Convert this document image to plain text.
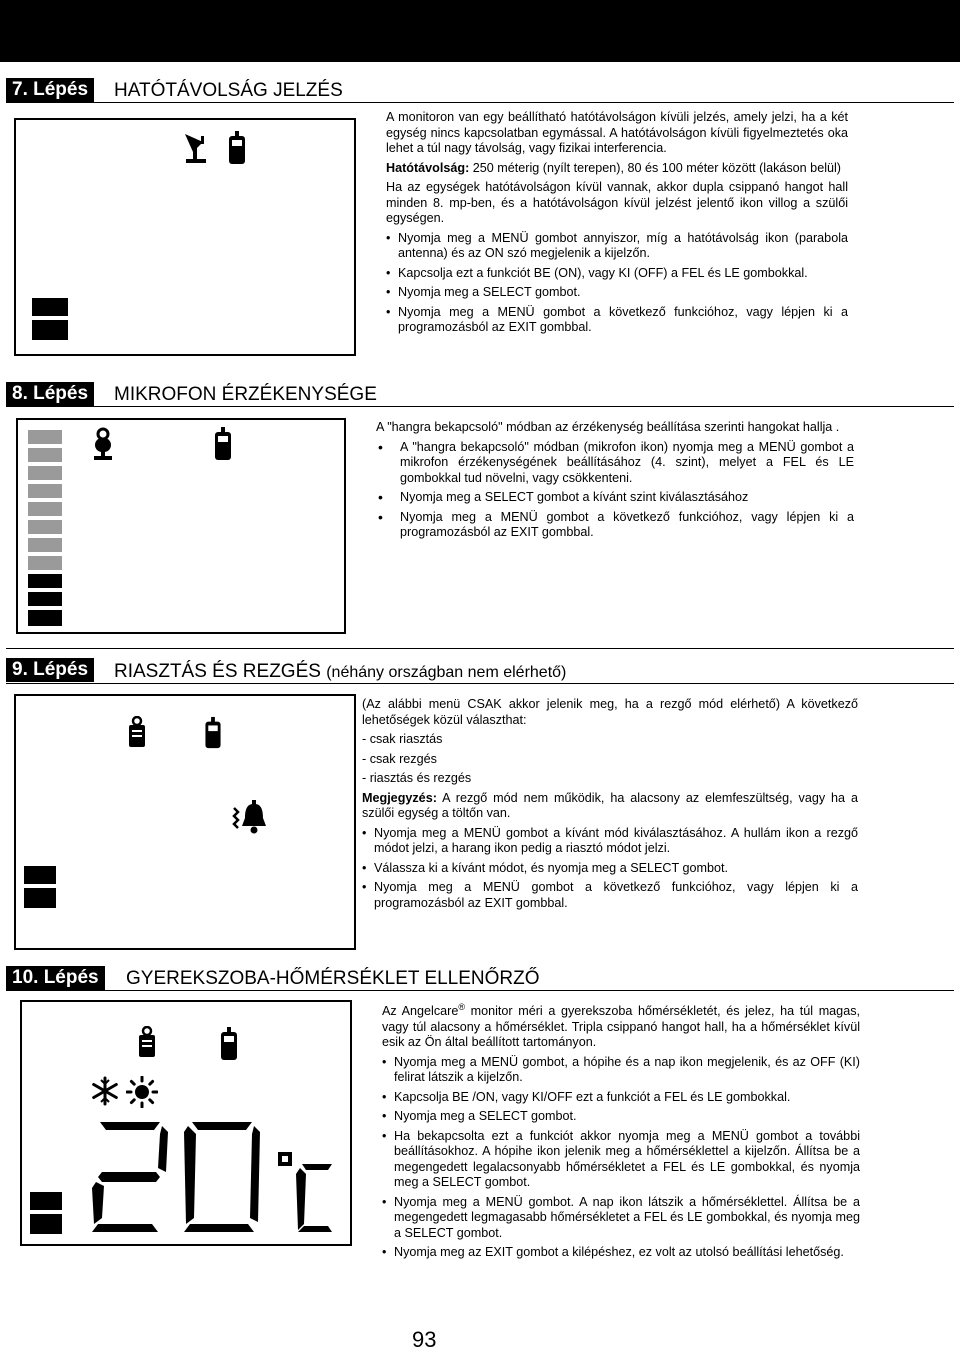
7. Lépés	HATÓTÁVOLSÁG JELZÉS

A monitoron van egy beállítható hatótávolságon kívüli jelzés, amely jelzi, ha a két egység nincs kapcsolatban egymással. A hatótávolságon kívüli figyelmeztetés oka lehet a túl nagy távolság, vagy fizikai interferencia.

Hatótávolság: 250 méterig (nyílt terepen), 80 és 100 méter között (lakáson belül)

Ha az egységek hatótávolságon kívül vannak, akkor dupla csippanó hangot hall minden 8. mp-ben, és a hatótávolságon kívül jelzést jelentő ikon villog a szülői egységen.

• Nyomja meg a MENÜ gombot annyiszor, míg a hatótávolság ikon (parabola antenna) és az ON szó megjelenik a kijelzőn.
• Kapcsolja ezt a funkciót BE (ON), vagy KI (OFF) a FEL és LE gombokkal.
• Nyomja meg a SELECT gombot.
• Nyomja meg a MENÜ gombot a következő funkcióhoz, vagy lépjen ki a programozásból az EXIT gombbal.
8. Lépés	MIKROFON ÉRZÉKENYSÉGE

A "hangra bekapcsoló" módban az érzékenység beállítása szerinti hangokat hallja .

• A "hangra bekapcsoló" módban (mikrofon ikon) nyomja meg a MENÜ gombot a mikrofon érzékenységének beállításához (4. szint), melyet a FEL és LE gombokkal tud növelni, vagy csökkenteni.
• Nyomja meg a SELECT gombot a kívánt szint kiválasztásához
• Nyomja meg a MENÜ gombot a következő funkcióhoz, vagy lépjen ki a programozásból az EXIT gombbal.
9. Lépés	RIASZTÁS ÉS REZGÉS (néhány országban nem elérhető)

(Az alábbi menü CSAK akkor jelenik meg, ha a rezgő mód elérhető) A következő lehetőségek közül választhat:

- csak riasztás

- csak rezgés

- riasztás és rezgés

Megjegyzés: A rezgő mód nem működik, ha alacsony az elemfeszültség, vagy ha a szülői egység a töltőn van.

• Nyomja meg a MENÜ gombot a kívánt mód kiválasztásához. A hullám ikon a rezgő módot jelzi, a harang ikon pedig a riasztó módot jelzi.
• Válassza ki a kívánt módot, és nyomja meg a SELECT gombot.
• Nyomja meg a MENÜ gombot a következő funkcióhoz, vagy lépjen ki a programozásból az EXIT gombbal.
10. Lépés	GYEREKSZOBA-HŐMÉRSÉKLET ELLENŐRZŐ

Az Angelcare® monitor méri a gyerekszoba hőmérsékletét, és jelez, ha túl magas, vagy túl alacsony a hőmérséklet. Tripla csippanó hangot hall, ha a hőmérséklet kívül esik az Ön által beállított tartományon.

• Nyomja meg a MENÜ gombot, a hópihe és a nap ikon megjelenik, és az OFF (KI) felirat látszik a kijelzőn.
• Kapcsolja BE /ON, vagy KI/OFF ezt a funkciót a FEL és LE gombokkal.
• Nyomja meg a SELECT gombot.
• Ha bekapcsolta ezt a funkciót akkor nyomja meg a MENÜ gombot a további beállításokhoz. A hópihe ikon jelenik meg a hőmérséklettel a kijelzőn. Állítsa be a megengedett legalacsonyabb hőmérsékletet a FEL és LE gombokkal, és nyomja meg a SELECT gombot.
• Nyomja meg a MENÜ gombot. A nap ikon látszik a hőmérséklettel. Állítsa be a megengedett legmagasabb hőmérsékletet a FEL és LE gombokkal, és nyomja meg a SELECT gombot.
• Nyomja meg az EXIT gombot a kilépéshez, ez volt az utolsó beállítási lehetőség.
93
